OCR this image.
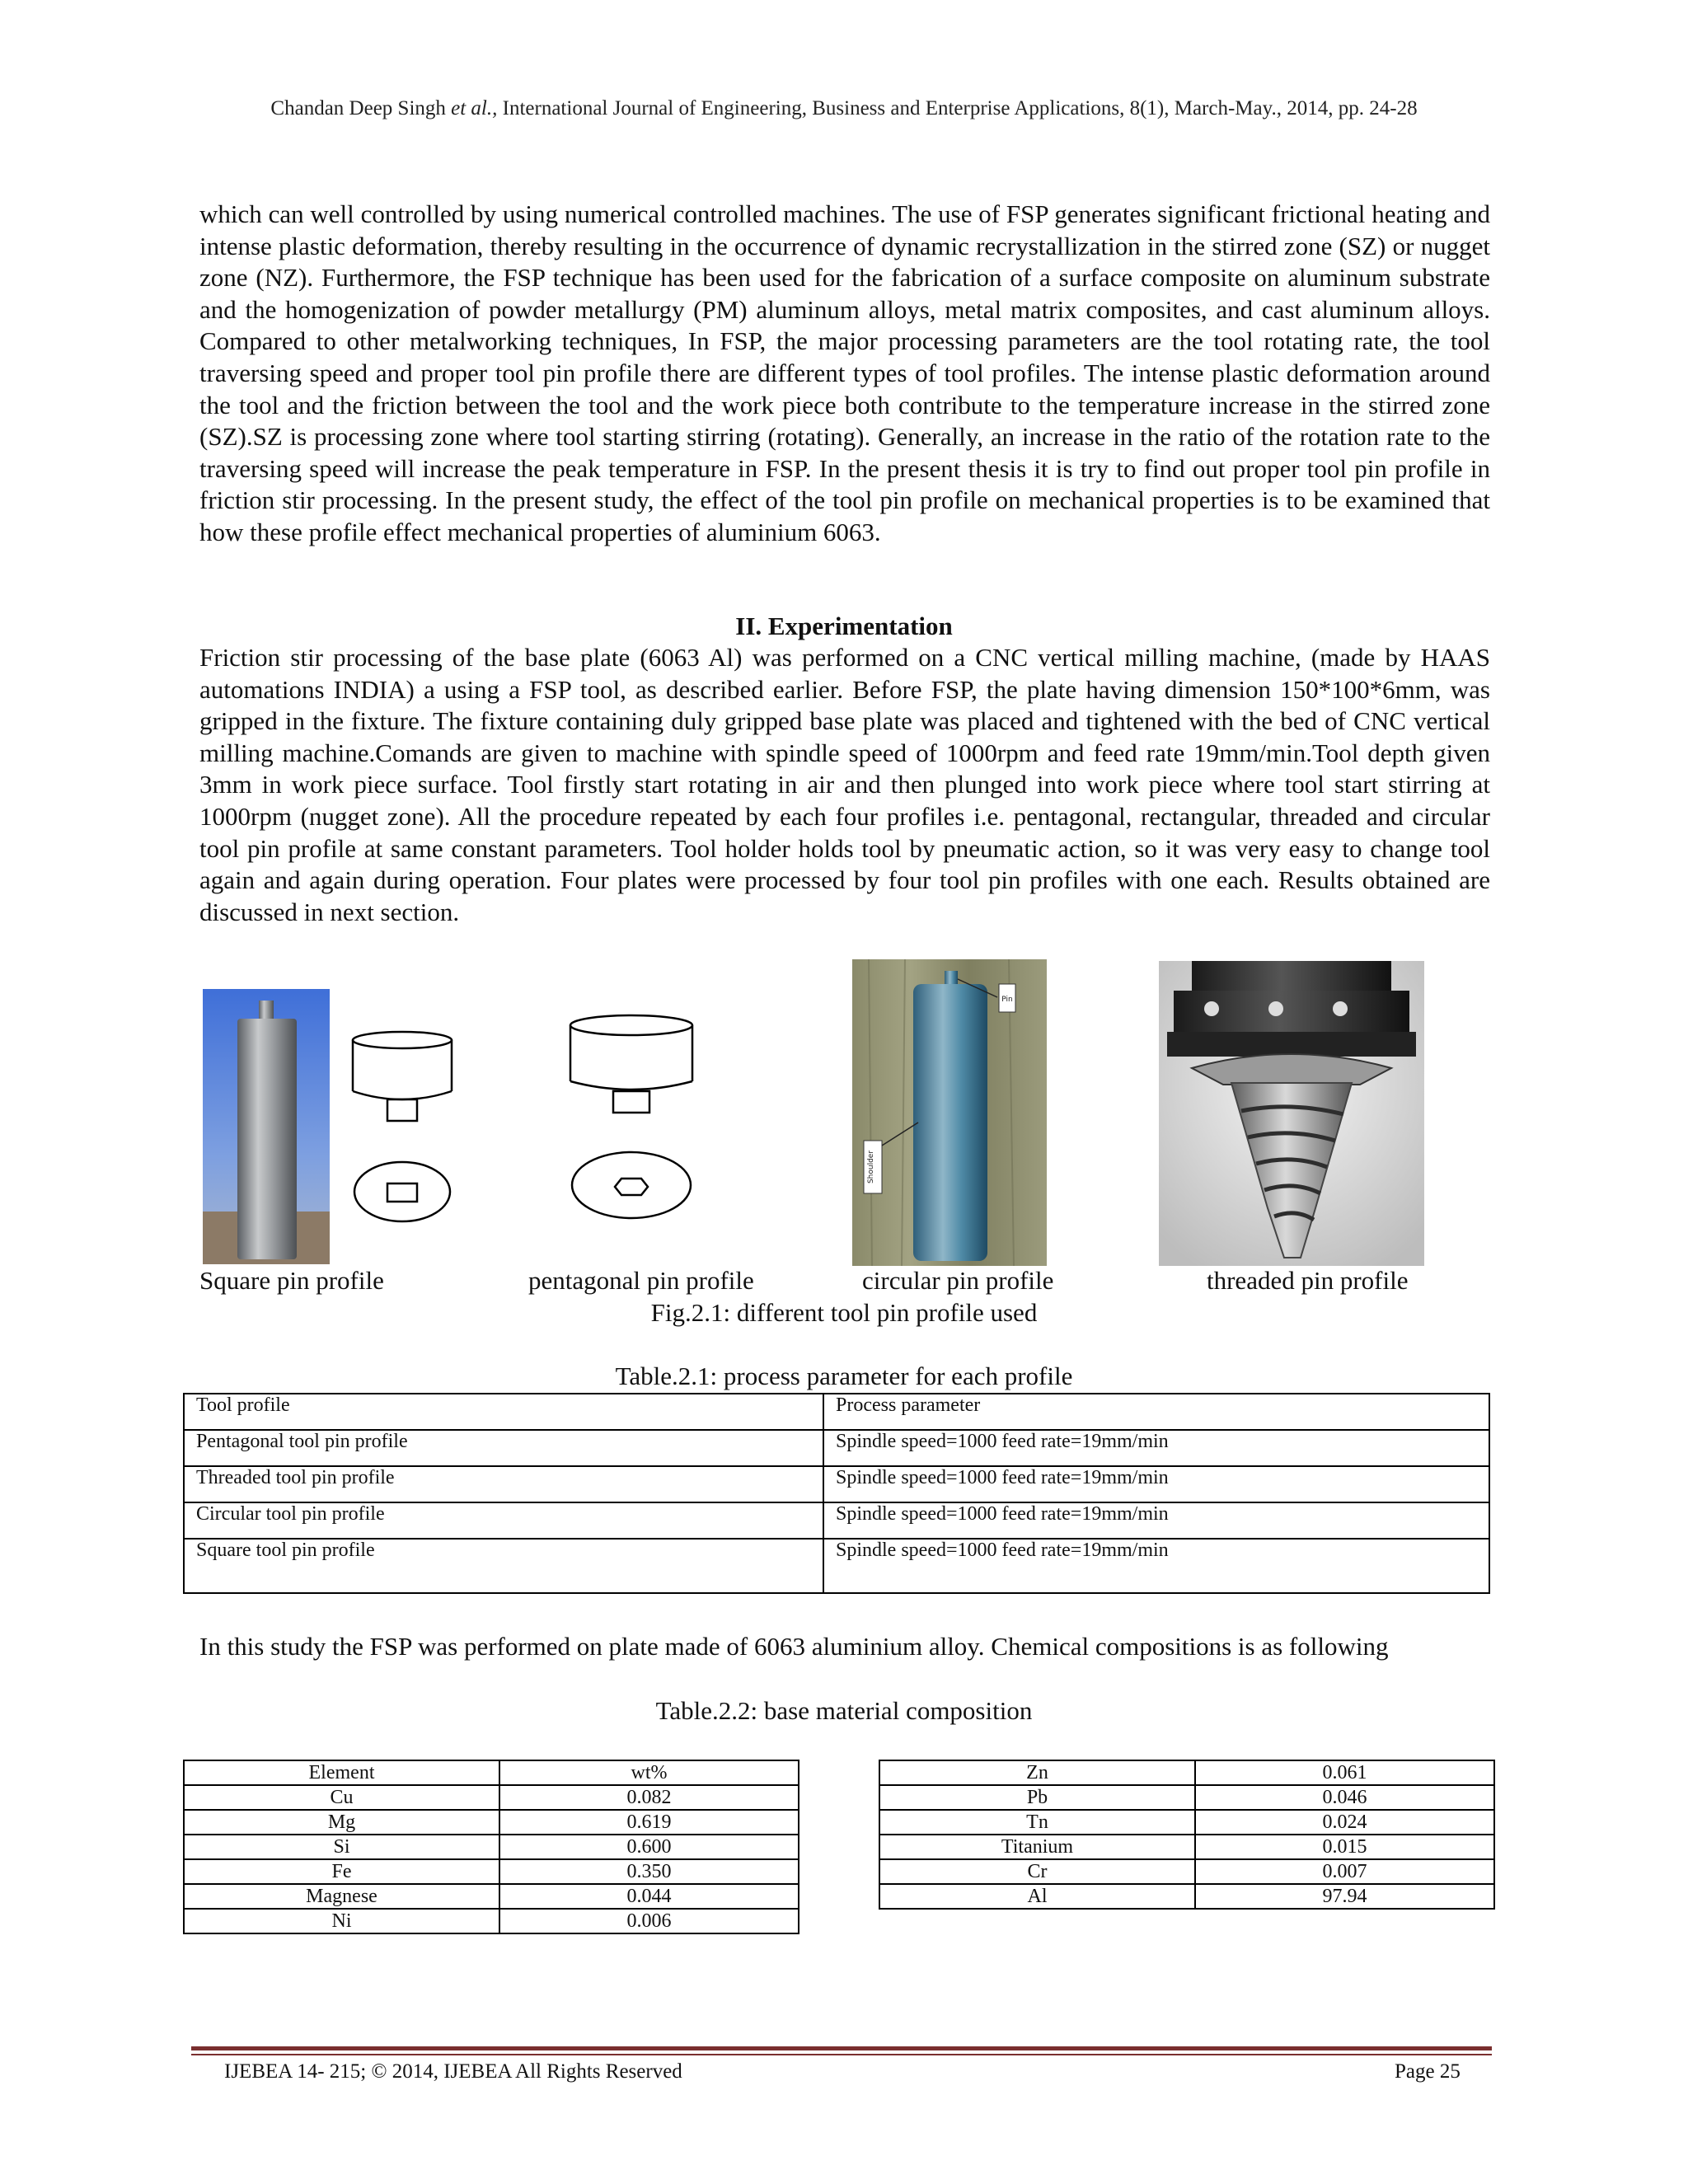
Chandan Deep Singh et al., International Journal of Engineering, Business and Enterprise Applications, 8(1), March-May., 2014, pp. 24-28

which can well controlled by using numerical controlled machines. The use of FSP generates significant frictional heating and intense plastic deformation, thereby resulting in the occurrence of dynamic recrystallization in the stirred zone (SZ) or nugget zone (NZ). Furthermore, the FSP technique has been used for the fabrication of a surface composite on aluminum substrate and the homogenization of powder metallurgy (PM) aluminum alloys, metal matrix composites, and cast aluminum alloys. Compared to other metalworking techniques, In FSP, the major processing parameters are the tool rotating rate, the tool traversing speed and proper tool pin profile there are different types of tool profiles. The intense plastic deformation around the tool and the friction between the tool and the work piece both contribute to the temperature increase in the stirred zone (SZ).SZ is processing zone where tool starting stirring (rotating). Generally, an increase in the ratio of the rotation rate to the traversing speed will increase the peak temperature in FSP. In the present thesis it is try to find out proper tool pin profile in friction stir processing. In the present study, the effect of the tool pin profile on mechanical properties is to be examined that how these profile effect mechanical properties of aluminium 6063.

II. Experimentation

Friction stir processing of the base plate (6063 Al) was performed on a CNC vertical milling machine, (made by HAAS automations INDIA) a using a FSP tool, as described earlier. Before FSP, the plate having dimension 150*100*6mm, was gripped in the fixture. The fixture containing duly gripped base plate was placed and tightened with the bed of CNC vertical milling machine.Comands are given to machine with spindle speed of 1000rpm and feed rate 19mm/min.Tool depth given 3mm in work piece surface. Tool firstly start rotating in air and then plunged into work piece where tool start stirring at 1000rpm (nugget zone). All the procedure repeated by each four profiles i.e. pentagonal, rectangular, threaded and circular tool pin profile at same constant parameters. Tool holder holds tool by pneumatic action, so it was very easy to change tool again and again during operation. Four plates were processed by four tool pin profiles with one each. Results obtained are discussed in next section.

Pin
Shoulder
Square pin profile	pentagonal pin profile	circular pin profile	threaded pin profile
Fig.2.1: different tool pin profile used
Table.2.1: process parameter for each profile
Tool profile	Process parameter
Pentagonal tool pin profile	Spindle speed=1000 feed rate=19mm/min
Threaded tool pin profile	Spindle speed=1000 feed rate=19mm/min
Circular tool pin profile	Spindle speed=1000 feed rate=19mm/min
Square tool pin profile	Spindle speed=1000 feed rate=19mm/min
In this study the FSP was performed on plate made of 6063 aluminium alloy. Chemical compositions is as following
Table.2.2: base material composition
Element	wt%
Cu	0.082
Mg	0.619
Si	0.600
Fe	0.350
Magnese	0.044
Ni	0.006
Zn	0.061
Pb	0.046
Tn	0.024
Titanium	0.015
Cr	0.007
Al	97.94
IJEBEA 14- 215; © 2014, IJEBEA All Rights Reserved	Page 25
